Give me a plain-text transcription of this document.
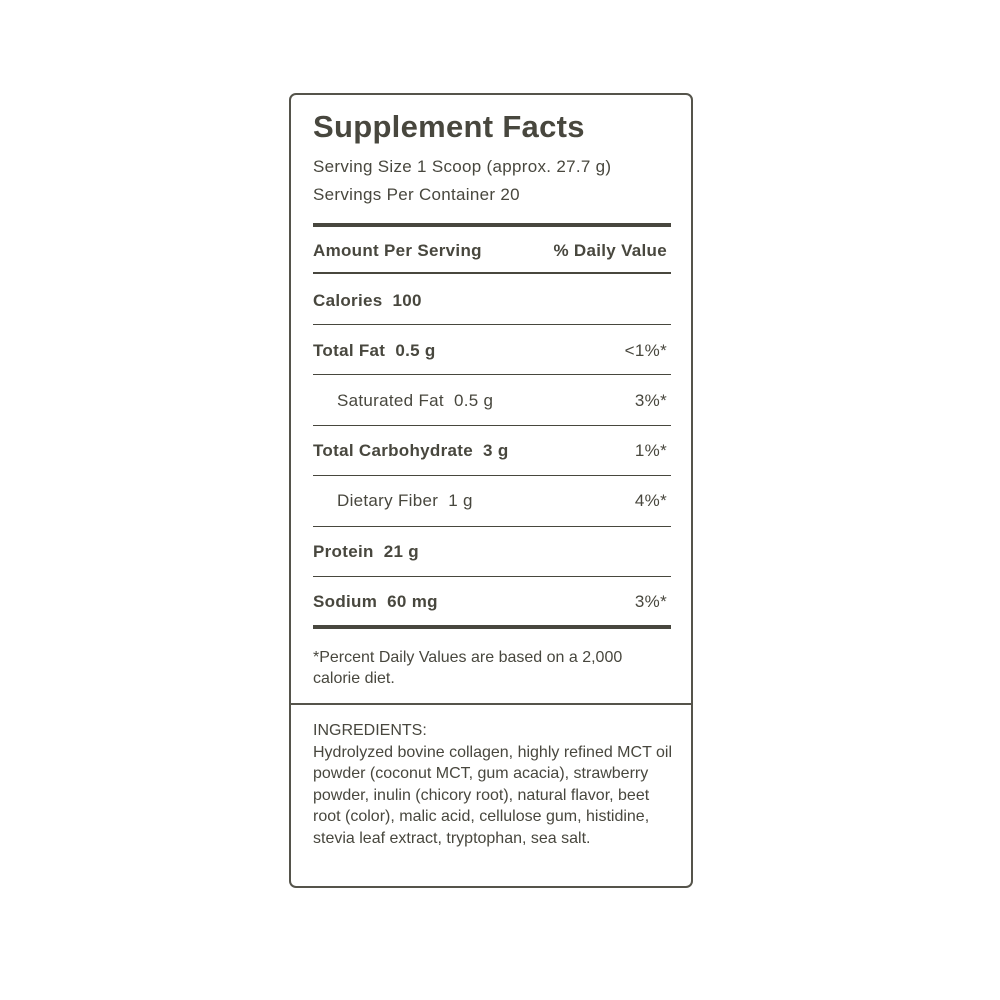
Supplement Facts
Serving Size 1 Scoop (approx. 27.7 g)
Servings Per Container 20
Amount Per Serving	% Daily Value
Calories  100
Total Fat  0.5 g	<1%*
Saturated Fat  0.5 g	3%*
Total Carbohydrate  3 g	1%*
Dietary Fiber  1 g	4%*
Protein  21 g
Sodium  60 mg	3%*
*Percent Daily Values are based on a 2,000 calorie diet.
INGREDIENTS:
Hydrolyzed bovine collagen, highly refined MCT oil powder (coconut MCT, gum acacia), strawberry powder, inulin (chicory root), natural flavor, beet root (color), malic acid, cellulose gum, histidine, stevia leaf extract, tryptophan, sea salt.
